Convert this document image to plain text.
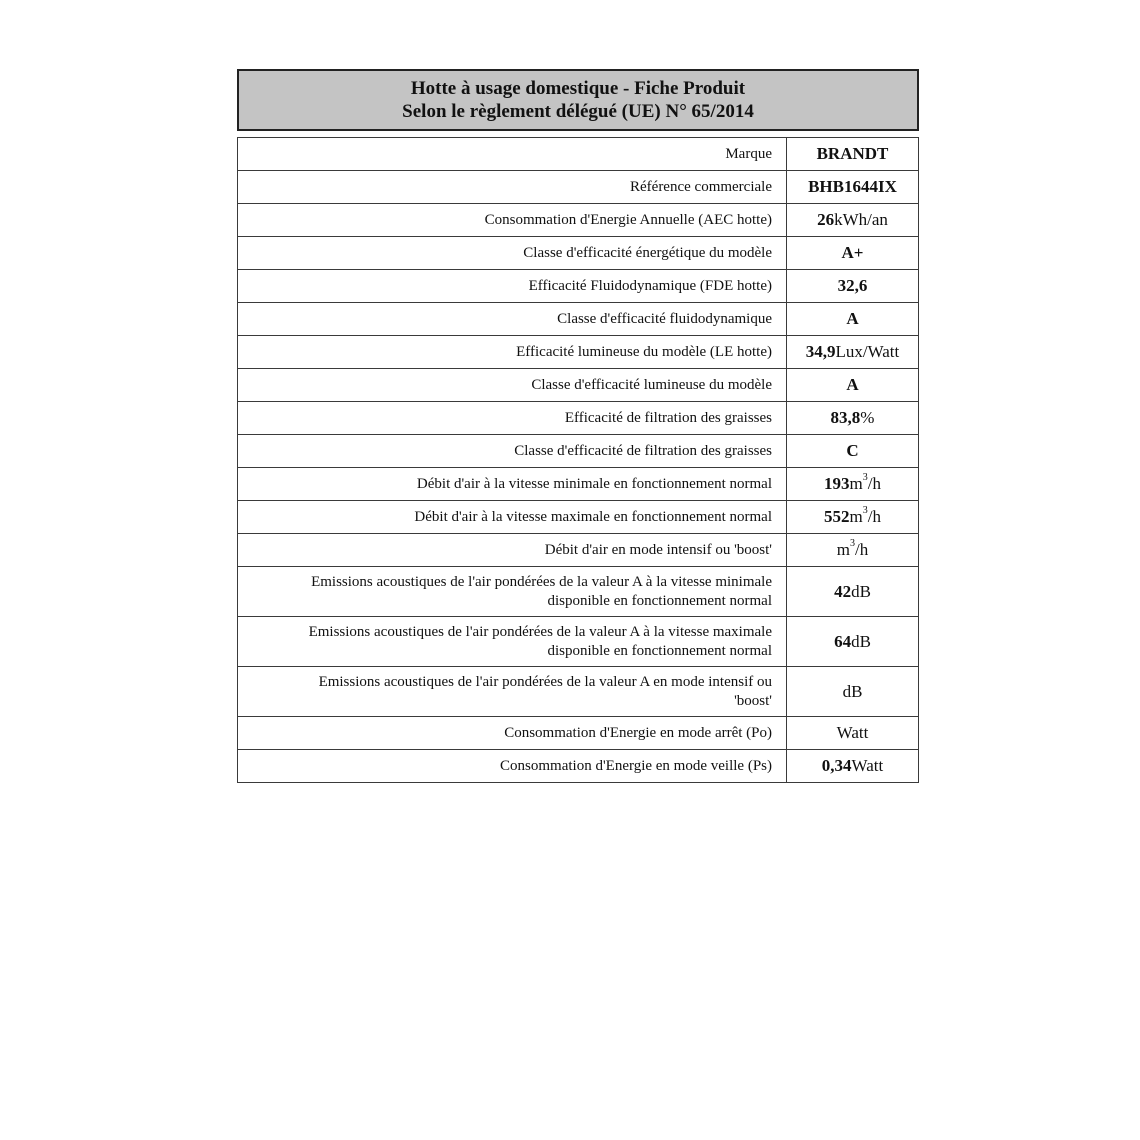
Hotte à usage domestique - Fiche Produit
Selon le règlement délégué (UE) N° 65/2014
Marque	BRANDT
Référence commerciale	BHB1644IX
Consommation d'Energie Annuelle (AEC hotte)	26kWh/an
Classe d'efficacité énergétique du modèle	A+
Efficacité Fluidodynamique (FDE hotte)	32,6
Classe d'efficacité fluidodynamique	A
Efficacité lumineuse du modèle (LE hotte)	34,9Lux/Watt
Classe d'efficacité lumineuse du modèle	A
Efficacité de filtration des graisses	83,8%
Classe d'efficacité de filtration des graisses	C
Débit d'air à la vitesse minimale en fonctionnement normal	$193m^3/h$
Débit d'air à la vitesse maximale en fonctionnement normal	$552m^3/h$
Débit d'air en mode intensif ou 'boost'	$m^3/h$

Emissions acoustiques de l'air pondérées de la valeur A à la vitesse minimale
disponible en fonctionnement normal	42dB

Emissions acoustiques de l'air pondérées de la valeur A à la vitesse maximale
disponible en fonctionnement normal	64dB

Emissions acoustiques de l'air pondérées de la valeur A en mode intensif ou
'boost'	dB
Consommation d'Energie en mode arrêt (Po)	Watt
Consommation d'Energie en mode veille (Ps)	0,34Watt
